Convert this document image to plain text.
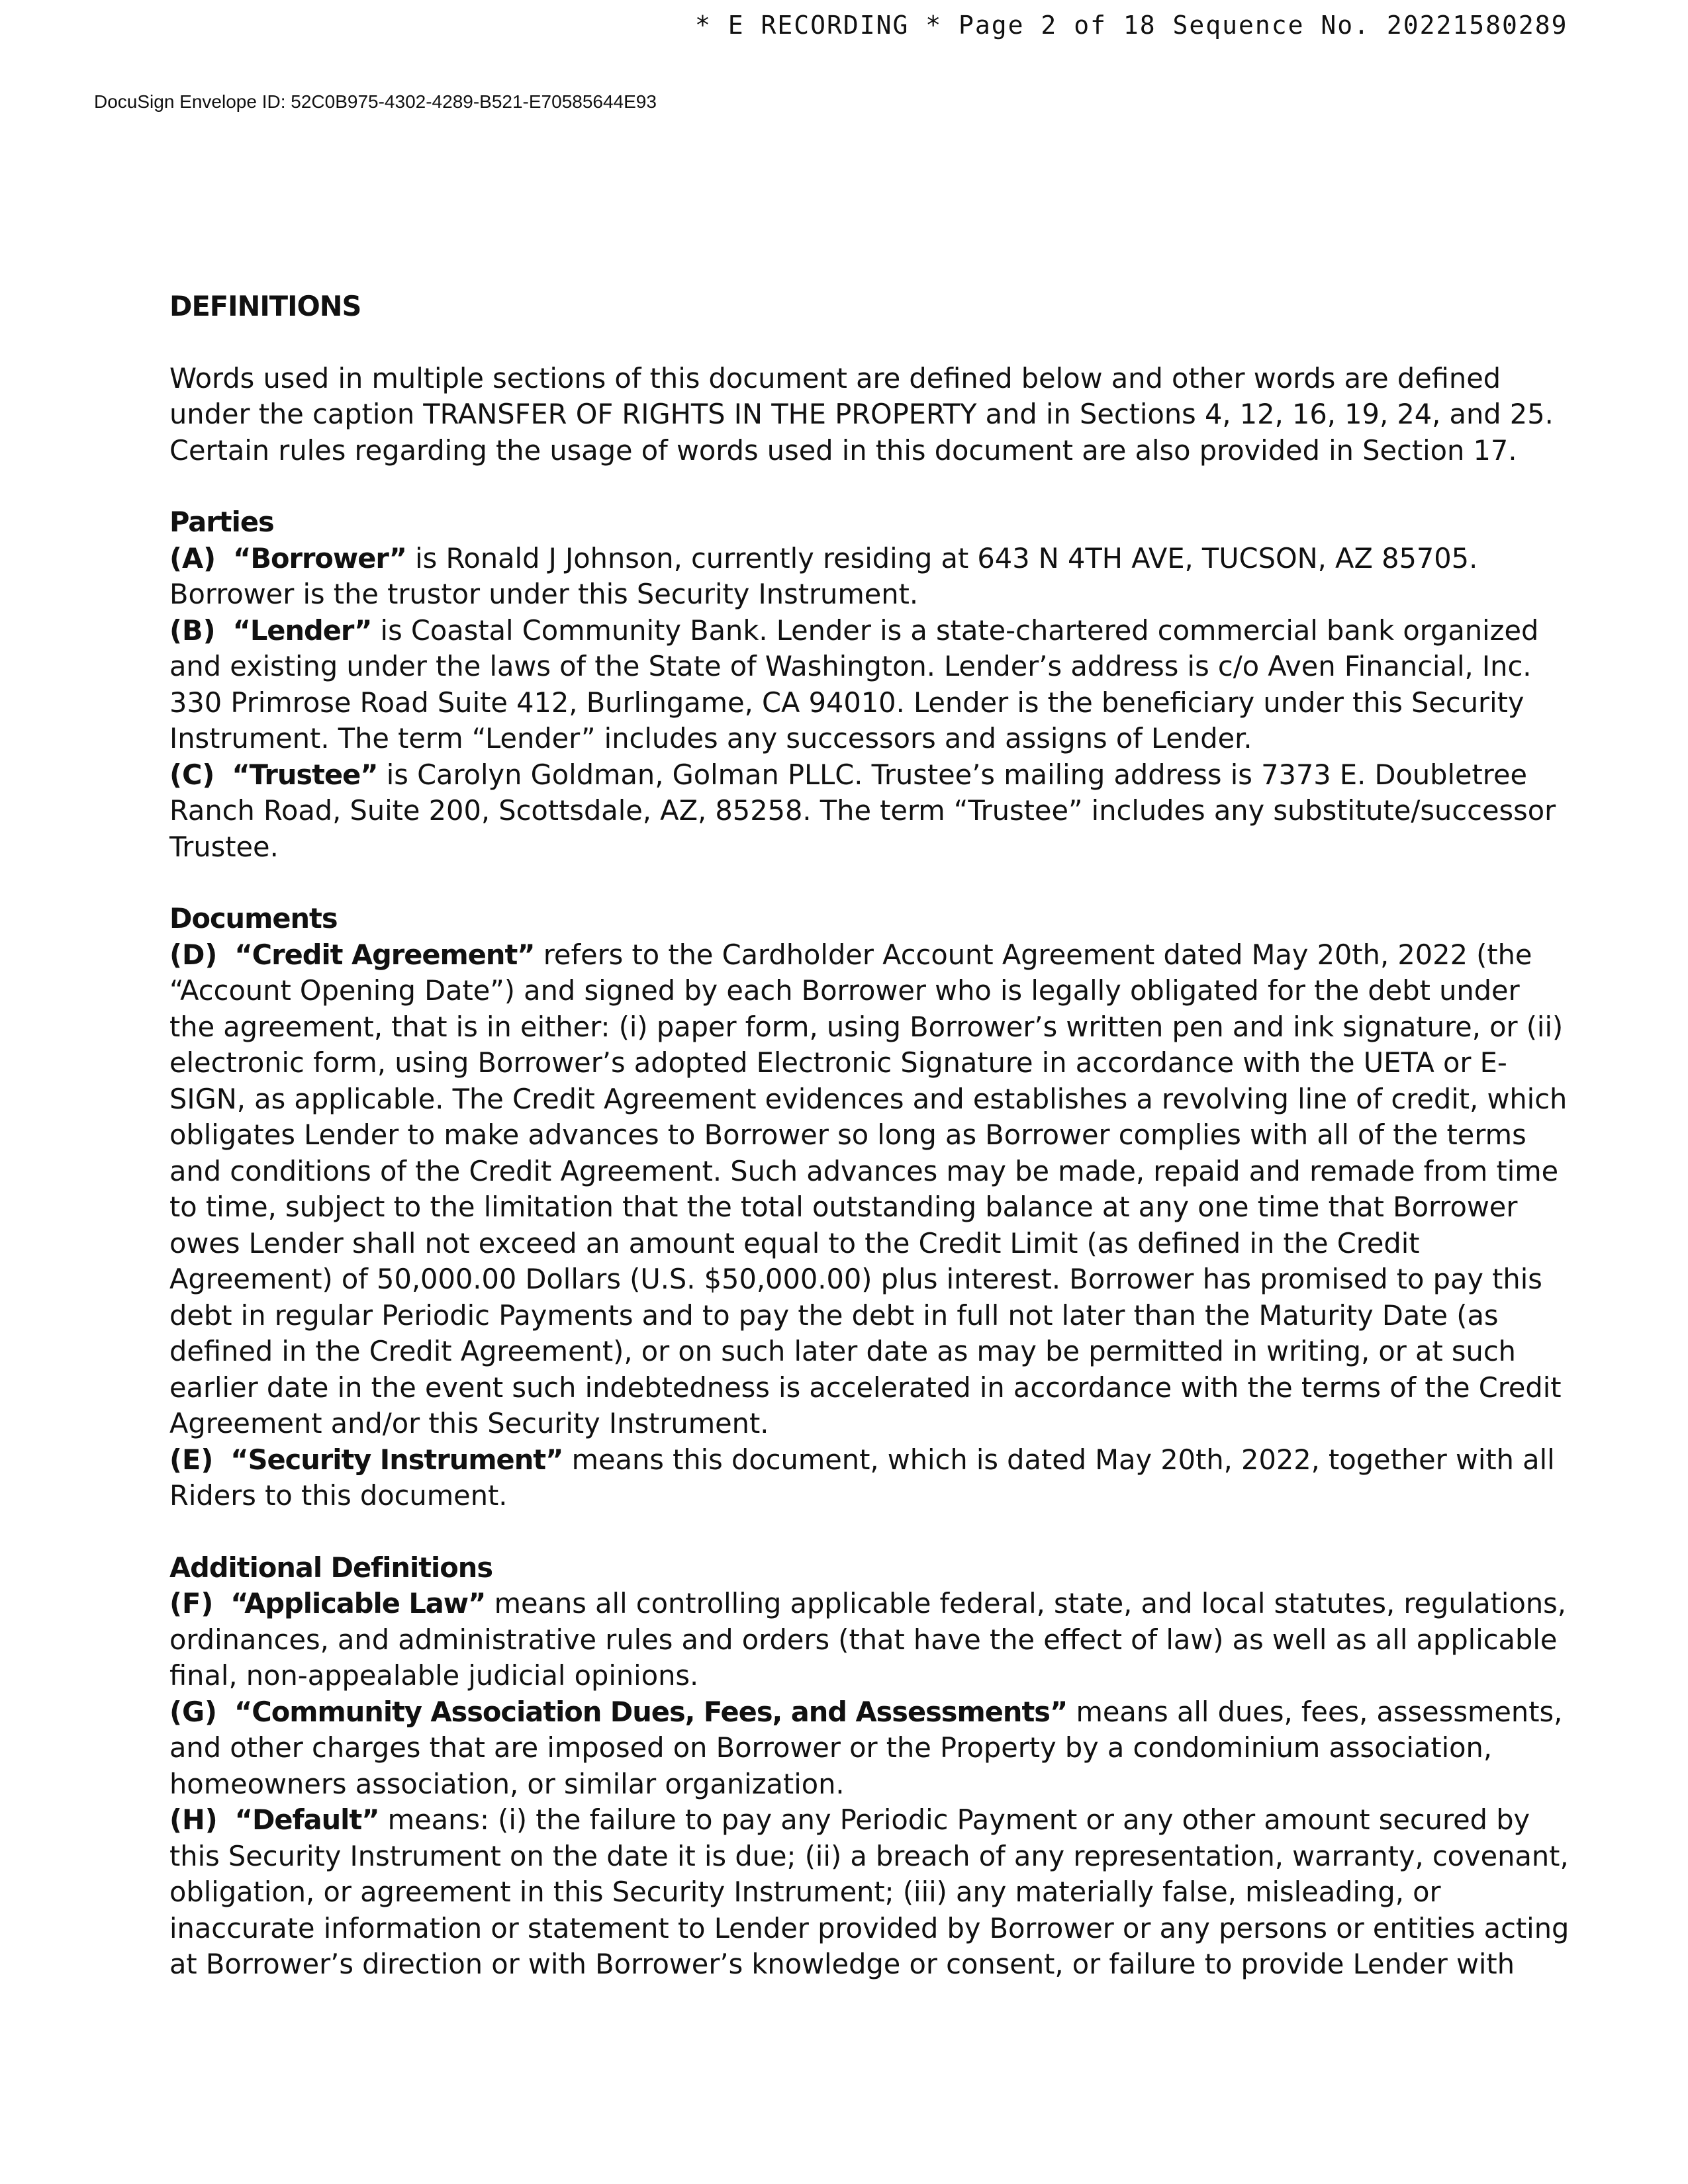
* E RECORDING * Page 2 of 18 Sequence No. 20221580289
DocuSign Envelope ID: 52C0B975-4302-4289-B521-E70585644E93
DEFINITIONS

Words used in multiple sections of this document are defined below and other words are defined under the caption TRANSFER OF RIGHTS IN THE PROPERTY and in Sections 4, 12, 16, 19, 24, and 25. Certain rules regarding the usage of words used in this document are also provided in Section 17.

Parties

(A) “Borrower” is Ronald J Johnson, currently residing at 643 N 4TH AVE, TUCSON, AZ 85705. Borrower is the trustor under this Security Instrument.

(B) “Lender” is Coastal Community Bank. Lender is a state-chartered commercial bank organized and existing under the laws of the State of Washington. Lender’s address is c/o Aven Financial, Inc. 330 Primrose Road Suite 412, Burlingame, CA 94010. Lender is the beneficiary under this Security Instrument. The term “Lender” includes any successors and assigns of Lender.

(C) “Trustee” is Carolyn Goldman, Golman PLLC. Trustee’s mailing address is 7373 E. Doubletree Ranch Road, Suite 200, Scottsdale, AZ, 85258. The term “Trustee” includes any substitute/successor Trustee.

Documents

(D) “Credit Agreement” refers to the Cardholder Account Agreement dated May 20th, 2022 (the “Account Opening Date”) and signed by each Borrower who is legally obligated for the debt under the agreement, that is in either: (i) paper form, using Borrower’s written pen and ink signature, or (ii) electronic form, using Borrower’s adopted Electronic Signature in accordance with the UETA or E-SIGN, as applicable. The Credit Agreement evidences and establishes a revolving line of credit, which obligates Lender to make advances to Borrower so long as Borrower complies with all of the terms and conditions of the Credit Agreement. Such advances may be made, repaid and remade from time to time, subject to the limitation that the total outstanding balance at any one time that Borrower owes Lender shall not exceed an amount equal to the Credit Limit (as defined in the Credit Agreement) of 50,000.00 Dollars (U.S. $50,000.00) plus interest. Borrower has promised to pay this debt in regular Periodic Payments and to pay the debt in full not later than the Maturity Date (as defined in the Credit Agreement), or on such later date as may be permitted in writing, or at such earlier date in the event such indebtedness is accelerated in accordance with the terms of the Credit Agreement and/or this Security Instrument.

(E) “Security Instrument” means this document, which is dated May 20th, 2022, together with all Riders to this document.

Additional Definitions

(F) “Applicable Law” means all controlling applicable federal, state, and local statutes, regulations, ordinances, and administrative rules and orders (that have the effect of law) as well as all applicable final, non-appealable judicial opinions.

(G) “Community Association Dues, Fees, and Assessments” means all dues, fees, assessments, and other charges that are imposed on Borrower or the Property by a condominium association, homeowners association, or similar organization.

(H) “Default” means: (i) the failure to pay any Periodic Payment or any other amount secured by this Security Instrument on the date it is due; (ii) a breach of any representation, warranty, covenant, obligation, or agreement in this Security Instrument; (iii) any materially false, misleading, or inaccurate information or statement to Lender provided by Borrower or any persons or entities acting at Borrower’s direction or with Borrower’s knowledge or consent, or failure to provide Lender with
